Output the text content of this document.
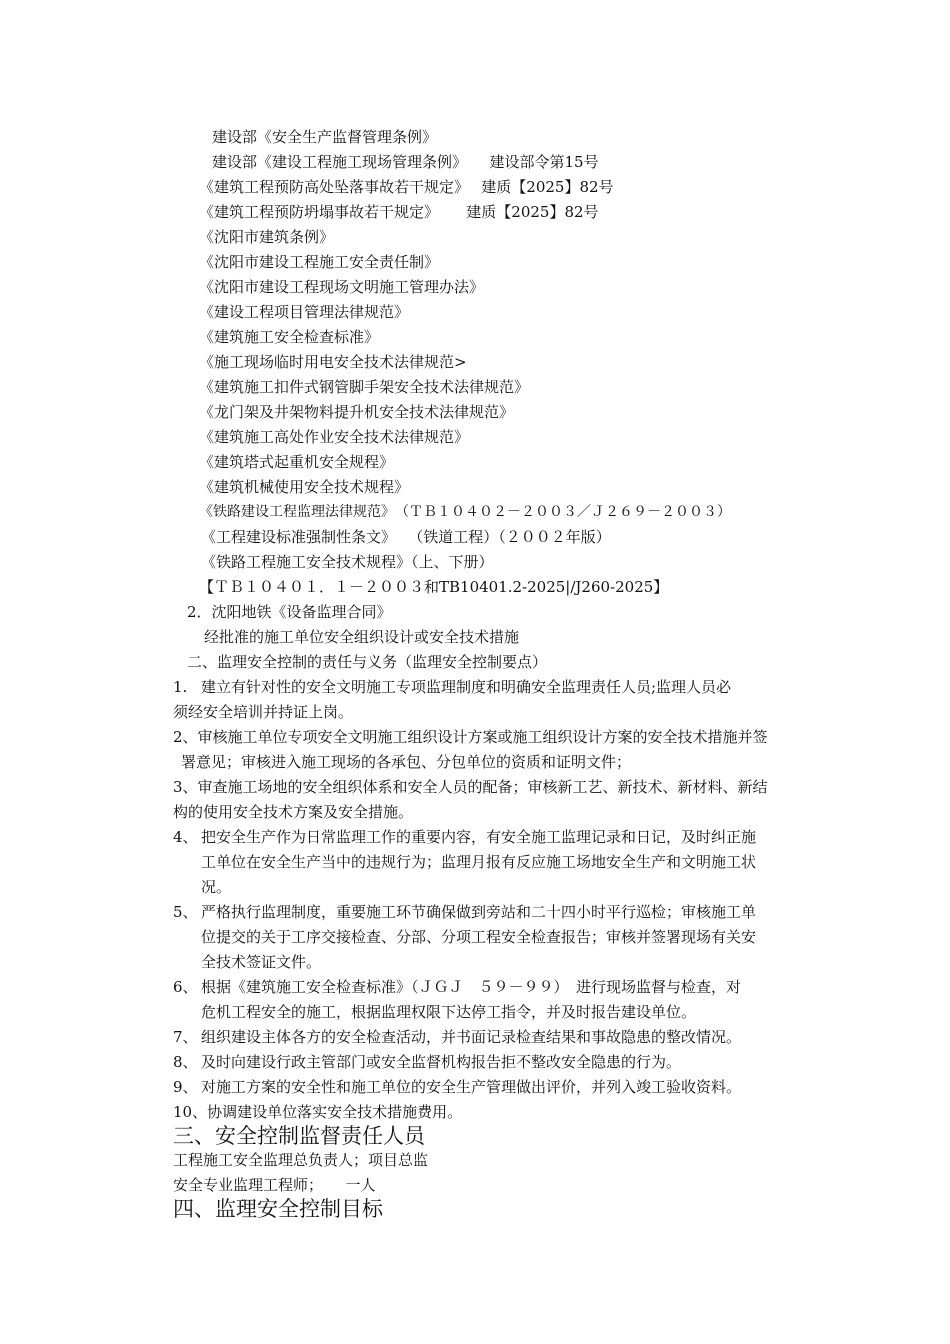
建设部《安全生产监督管理条例》
建设部《建设工程施工现场管理条例》　　建设部令第15号
《建筑工程预防高处坠落事故若干规定》　 建质【2025】82号
《建筑工程预防坍塌事故若干规定》　　 建质【2025】82号
《沈阳市建筑条例》
《沈阳市建设工程施工安全责任制》
《沈阳市建设工程现场文明施工管理办法》
《建设工程项目管理法律规范》
《建筑施工安全检查标准》
《施工现场临时用电安全技术法律规范>
《建筑施工扣件式钢管脚手架安全技术法律规范》
《龙门架及井架物料提升机安全技术法律规范》
《建筑施工高处作业安全技术法律规范》
《建筑塔式起重机安全规程》
《建筑机械使用安全技术规程》
《铁路建设工程监理法律规范》　（ＴＢ１０４０２－２００３／Ｊ２６９－２００３）
《工程建设标准强制性条文》　 （铁道工程）（２００２年版）
《铁路工程施工安全技术规程》（上、下册）
【ＴＢ１０４０１．１－２００３和TB10401.2-2025|/J260-2025】
2．沈阳地铁《设备监理合同》
经批准的施工单位安全组织设计或安全技术措施
二、监理安全控制的责任与义务（监理安全控制要点）
1. 建立有针对性的安全文明施工专项监理制度和明确安全监理责任人员;监理人员必
须经安全培训并持证上岗。
2、审核施工单位专项安全文明施工组织设计方案或施工组织设计方案的安全技术措施并签
署意见；审核进入施工现场的各承包、分包单位的资质和证明文件；
3、审查施工场地的安全组织体系和安全人员的配备；审核新工艺、新技术、新材料、新结
构的使用安全技术方案及安全措施。
4、 把安全生产作为日常监理工作的重要内容，有安全施工监理记录和日记，及时纠正施
工单位在安全生产当中的违规行为；监理月报有反应施工场地安全生产和文明施工状
况。
5、 严格执行监理制度，重要施工环节确保做到旁站和二十四小时平行巡检；审核施工单
位提交的关于工序交接检查、分部、分项工程安全检查报告；审核并签署现场有关安
全技术签证文件。
6、 根据《建筑施工安全检查标准》（ＪＧＪ　５９－９９）　进行现场监督与检查，对
危机工程安全的施工，根据监理权限下达停工指令，并及时报告建设单位。
7、 组织建设主体各方的安全检查活动，并书面记录检查结果和事故隐患的整改情况。
8、 及时向建设行政主管部门或安全监督机构报告拒不整改安全隐患的行为。
9、 对施工方案的安全性和施工单位的安全生产管理做出评价，并列入竣工验收资料。
10、协调建设单位落实安全技术措施费用。
三、安全控制监督责任人员
工程施工安全监理总负责人；项目总监
安全专业监理工程师；　　一人
四、监理安全控制目标
